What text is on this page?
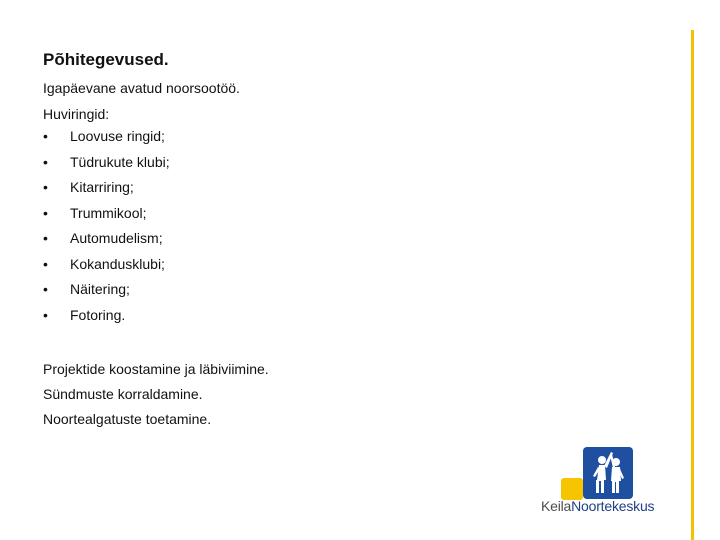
Põhitegevused.

Igapäevane avatud noorsootöö.

Huviringid:

• Loovuse ringid;
• Tüdrukute klubi;
• Kitarriring;
• Trummikool;
• Automudelism;
• Kokandusklubi;
• Näitering;
• Fotoring.

Projektide koostamine ja läbiviimine.

Sündmuste korraldamine.

Noortealgatuste toetamine.

KeilaNoortekeskus
